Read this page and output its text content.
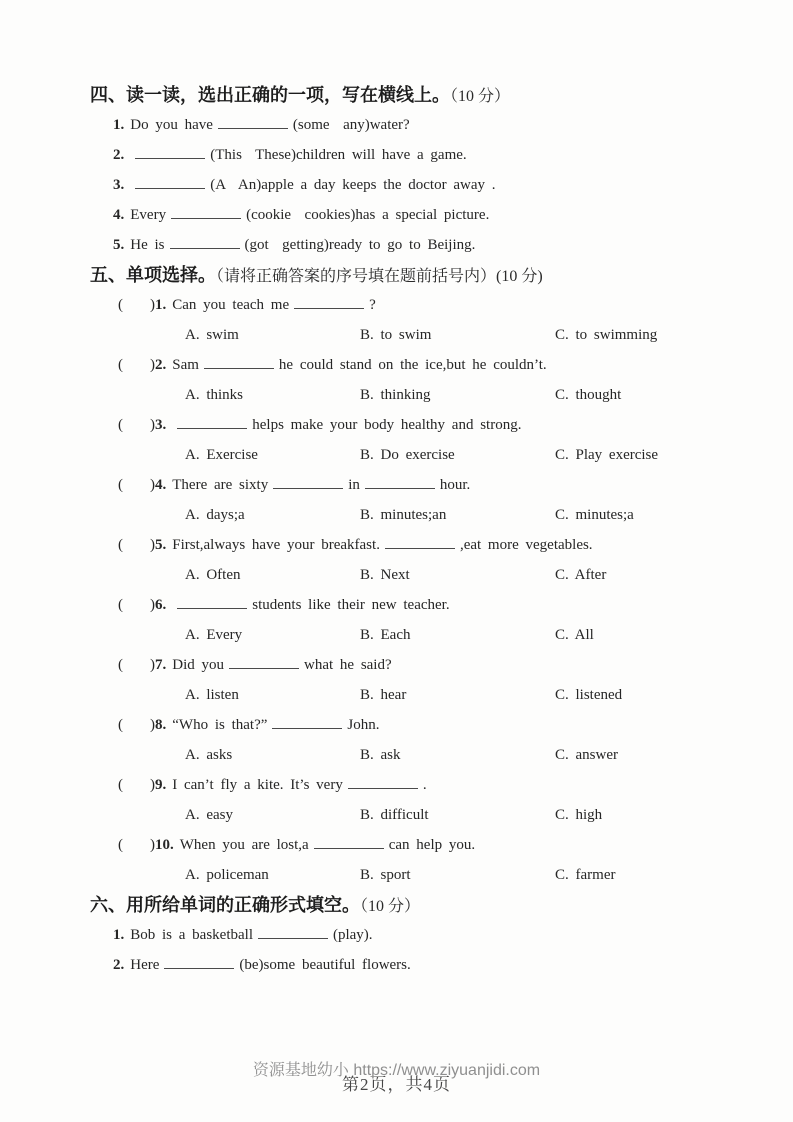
四、读一读，选出正确的一项，写在横线上。（10 分）
1. Do you have	(some  any)water?
2.	(This  These)children will have a game.
3.	(A  An)apple a day keeps the doctor away .
4. Every	(cookie  cookies)has a special picture.
5. He is	(got  getting)ready to go to Beijing.
五、单项选择。（请将正确答案的序号填在题前括号内）(10 分)
( )1. Can you teach me	?
A. swim	B. to swim	C. to swimming
( )2. Sam	he could stand on the ice,but he couldn’t.
A. thinks	B. thinking	C. thought
( )3.	helps make your body healthy and strong.
A. Exercise	B. Do exercise	C. Play exercise
( )4. There are sixty	in	hour.
A. days;a	B. minutes;an	C. minutes;a
( )5. First,always have your breakfast.	,eat more vegetables.
A. Often	B. Next	C. After
( )6.	students like their new teacher.
A. Every	B. Each	C. All
( )7. Did you	what he said?
A. listen	B. hear	C. listened
( )8. “Who is that?”	John.
A. asks	B. ask	C. answer
( )9. I can’t fly a kite. It’s very	.
A. easy	B. difficult	C. high
( )10. When you are lost,a	can help you.
A. policeman	B. sport	C. farmer
六、用所给单词的正确形式填空。（10 分）
1. Bob is a basketball	(play).
2. Here	(be)some beautiful flowers.
资源基地幼小 https://www.ziyuanjidi.com
第2页，共4页
